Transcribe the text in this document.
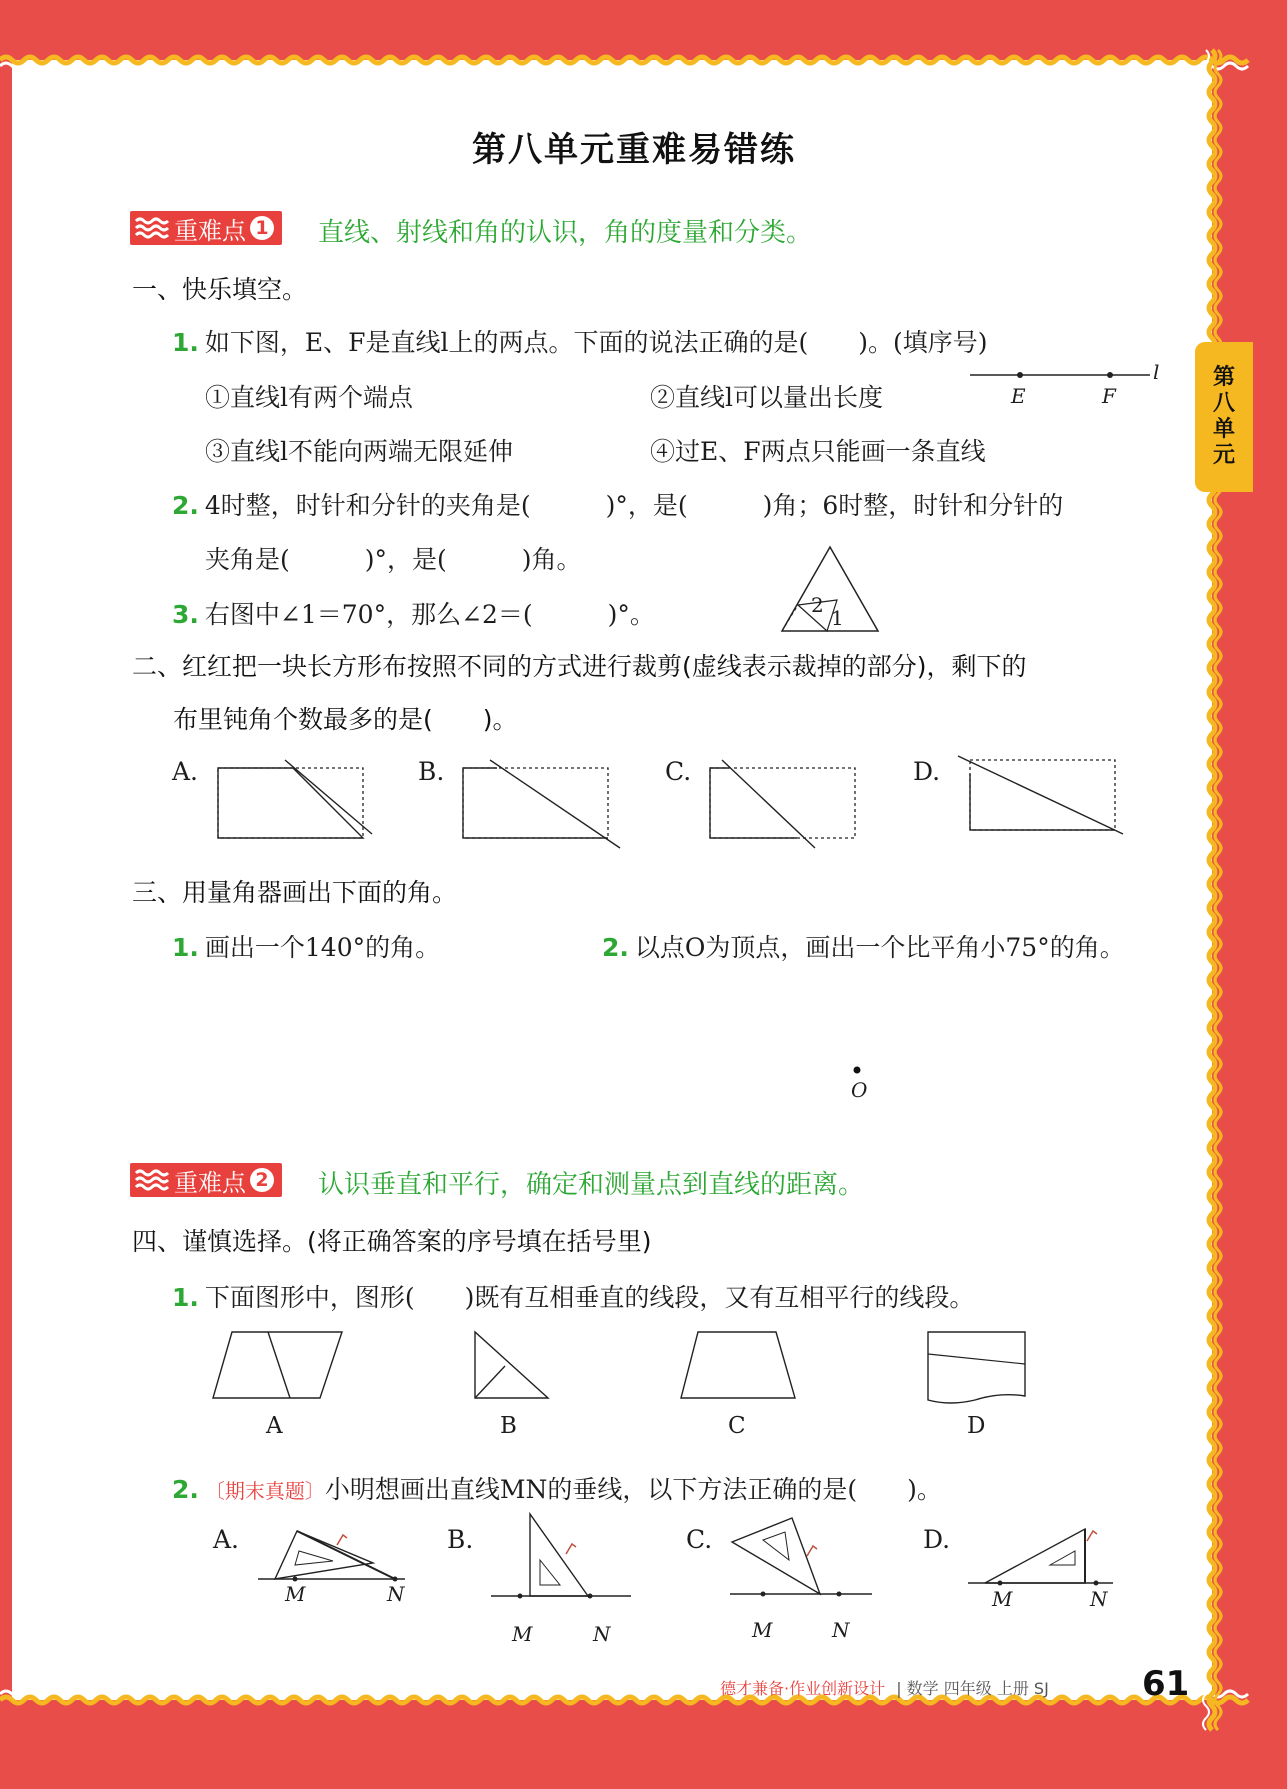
第八单元重难易错练
第
八
单
元
重难点 1 直线、射线和角的认识，角的度量和分类。
一、快乐填空。
1. 如下图，E、F是直线l上的两点。下面的说法正确的是(　　)。(填序号)
①直线l有两个端点	②直线l可以量出长度
③直线l不能向两端无限延伸	④过E、F两点只能画一条直线
E	F
l
2. 4时整，时针和分针的夹角是(　　　)°，是(　　　)角；6时整，时针和分针的
夹角是(　　　)°，是(　　　)角。
3. 右图中∠1＝70°，那么∠2＝(　　　)°。	2
1
二、红红把一块长方形布按照不同的方式进行裁剪(虚线表示裁掉的部分)，剩下的
布里钝角个数最多的是(　　)。
A.	B.	C.	D.
三、用量角器画出下面的角。
1. 画出一个140°的角。	2. 以点O为顶点，画出一个比平角小75°的角。
O
重难点 2 认识垂直和平行，确定和测量点到直线的距离。
四、谨慎选择。(将正确答案的序号填在括号里)
1. 下面图形中，图形(　　)既有互相垂直的线段，又有互相平行的线段。
A	B	C	D
2. 〔期末真题〕小明想画出直线MN的垂线，以下方法正确的是(　　)。
A.
M	N
B.
M	N
C.
M	N
D.
M	N
德才兼备·作业创新设计 | 数学 四年级 上册 SJ	61
